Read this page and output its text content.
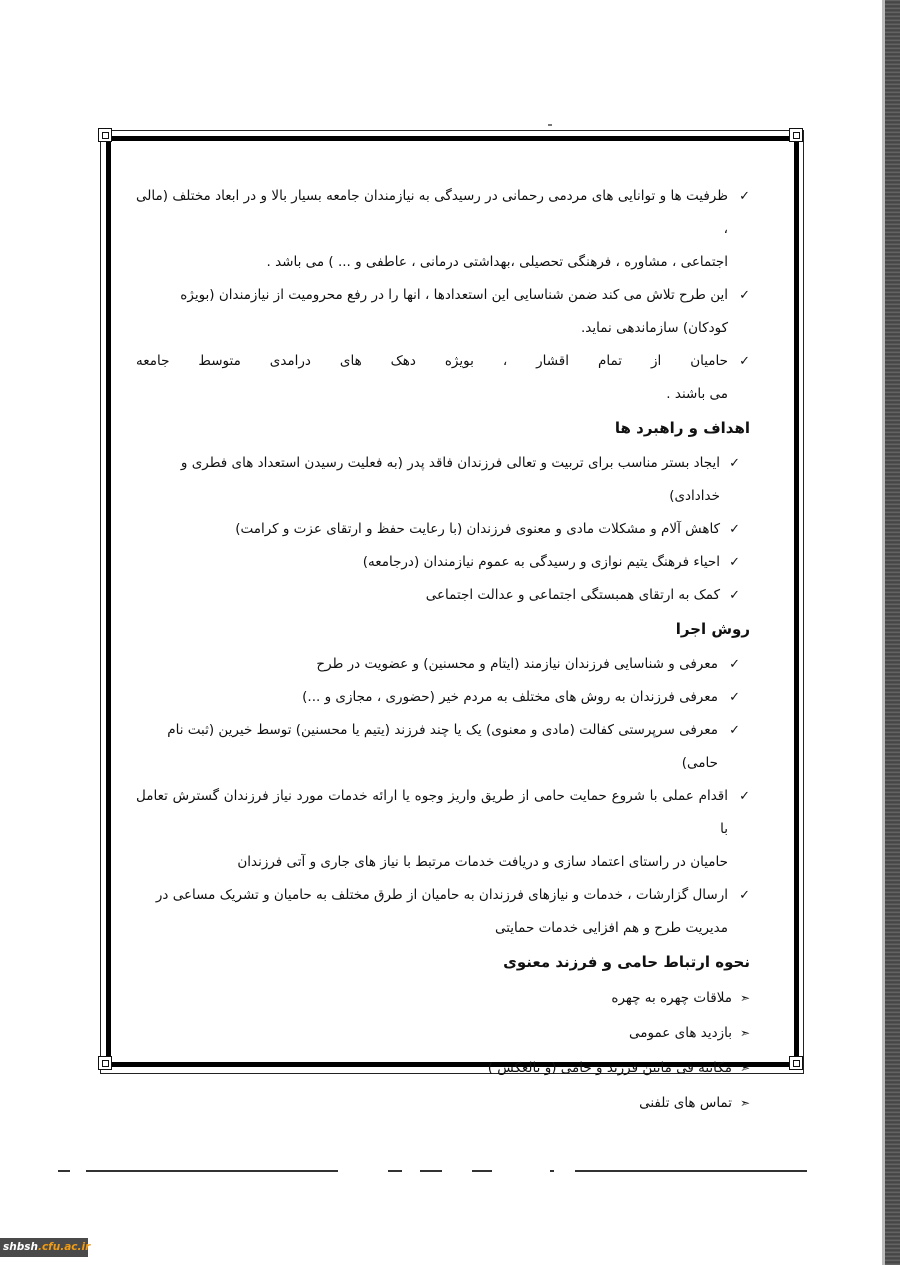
✓
ظرفیت ها و توانایی های مردمی رحمانی در رسیدگی به نیازمندان جامعه بسیار بالا و در ابعاد مختلف (مالی ،
اجتماعی ، مشاوره ، فرهنگی تحصیلی ،بهداشتی درمانی ، عاطفی و ... ) می باشد .
✓
این طرح تلاش می کند ضمن شناسایی این استعدادها ، انها را در رفع محرومیت از نیازمندان (بویژه
کودکان) سازماندهی نماید.
✓
حامیان
از
تمام
اقشار
،
بویژه
دهک
های
درامدی
متوسط
جامعه
می باشند .
اهداف و راهبرد ها
✓
ایجاد بستر مناسب برای تربیت و تعالی فرزندان فاقد پدر (به فعلیت رسیدن استعداد های فطری و خدادادی)
✓
کاهش آلام و مشکلات مادی و معنوی فرزندان (با رعایت حفظ و ارتقای عزت و کرامت)
✓
احیاء فرهنگ یتیم نوازی و رسیدگی به عموم نیازمندان (درجامعه)
✓
کمک به ارتقای همبستگی اجتماعی و عدالت اجتماعی
روش اجرا
✓
معرفی و شناسایی فرزندان نیازمند (ایتام و محسنین) و عضویت در طرح
✓
معرفی فرزندان به روش های مختلف به مردم خیر (حضوری ، مجازی و ...)
✓
معرفی سرپرستی کفالت (مادی و معنوی) یک یا چند فرزند (یتیم یا محسنین) توسط خیرین (ثبت نام حامی)
✓
اقدام عملی با شروع حمایت حامی از طریق واریز وجوه یا ارائه خدمات مورد نیاز فرزندان گسترش تعامل با
حامیان در راستای اعتماد سازی و دریافت خدمات مرتبط با نیاز های جاری و آتی فرزندان
✓
ارسال گزارشات ، خدمات و نیازهای فرزندان به حامیان از طرق مختلف به حامیان و تشریک مساعی در
مدیریت طرح و هم افزایی خدمات حمایتی
نحوه ارتباط حامی و فرزند معنوی
➣
ملاقات چهره به چهره
➣
بازدید های عمومی
➣
مکاتبه فی مابین فرزند و حامی (و بالعکس )
➣
تماس های تلفنی
shbsh.cfu.ac.ir
